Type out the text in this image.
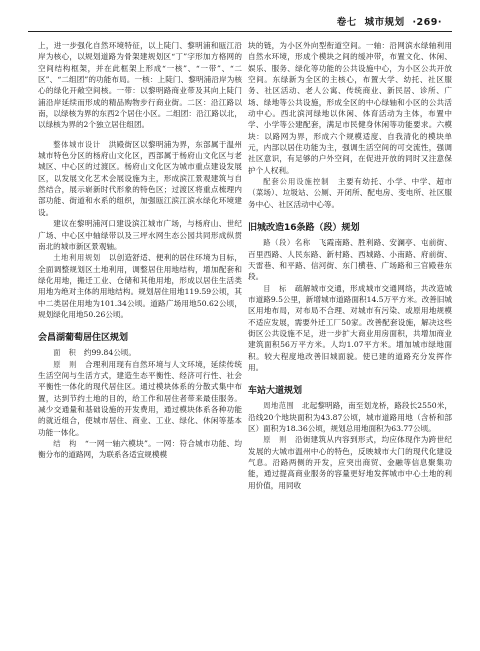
卷七 城市规划 ·269·

上，进一步强化自然环境特征，以上陡门、黎明浦和瓯江沿岸为核心，以规划道路为骨架建规划区“丁”字形加方格网的空间结构框架，并在此框架上形成“一核”、“一带”、“二区”、“二组团”的功能布局。一核：上陡门、黎明浦沿岸为核心的绿化开敞空间核。一带：以黎明路商业带及其向上陡门浦沿岸延续而形成的精品购物步行商业街。二区：沿江路以南，以绿核为界的东西2个居住小区。二组团：沿江路以北，以绿核为界的2个独立居住组团。

整体城市设计　 洪殿街区以黎明浦为界，东部属于温州城市特色分区的杨府山文化区，西部属于杨府山文化区与老城区、中心区的过渡区。杨府山文化区为城市重点建设发展区，以发展文化艺术会展设施为主，形成滨江景观建筑与自然结合，展示崭新时代形象的特色区；过渡区将重点梳理内部功能、街道和水系的组织，加强瓯江滨江滨水绿化环境建设。

建议在黎明浦河口建设滨江城市广场，与杨府山、世纪广场、中心区中轴绿带以及三坪水网生态公园共同形成纵贯南北的城市新区景观轴。

土地利用规划　 以创造舒适、便利的居住环境为目标，全面调整规划区土地利用，调整居住用地结构，增加配套和绿化用地，搬迁工业、仓储和其他用地，形成以居住生活类用地为绝对主体的用地结构。规划居住用地119.59公顷，其中二类居住用地为101.34公顷。道路广场用地50.62公顷，规划绿化用地50.26公顷。

会昌湖葡萄居住区规划

面　积　 约99.84公顷。

原　则　 合理利用现有自然环境与人文环境，延续传统生活空间与生活方式，建造生态平衡性、经济可行性、社会平衡性一体化的现代居住区。通过模块体系的分散式集中布置，达到节约土地的目的，给工作和居住者带来最佳服务。减少交通量和基础设施的开发费用，通过模块体系各种功能的就近组合，使城市居住、商业、工业、绿化、休闲等基本功能一体化。

结　构　 “一网一轴六模块”。一网：符合城市功能、均衡分布的道路网，为联系各适宜规模模

块的链，为小区外向型衔道空间。一轴：沿网滨水绿轴利用自然水环境，形成个模块之间的缓冲带，布置文化、休闲、娱乐、服务、绿化等功能的公共设施中心，为小区公共开放空间。东绿新为全区的主核心，布置大学、幼托、社区服务、社区活动、老人公寓、传统商业、新民居、诊所、广场、绿地等公共设施，形成全区的中心绿轴和小区的公共活动中心。西北滨河绿地以休闲、体育活动为主体，布置中学、小学等公建配套，满足市民健身休闲等功能要求。六模块：以路网为界，形成六个规模适度、自我清化的模块单元，内部以居住功能为主，强调生活空间的可交流性，强调社区意识，有足够的户外空间，在促进开放的同时又注意保护个人权利。

配套公用设施控制　 主要有幼托、小学、中学、超市（菜场）、垃圾站、公厕、开闭所、配电房、变电所、社区服务中心、社区活动中心等。

旧城改造16条路（段）规划

路（段）名称　 飞霞南路、胜利路、安澜亭、屯前街、百里西路、人民东路、新村路、西城路、小南路、府前街、天雷巷、和平路、信河街、东门横巷、广场路和三官殿巷东段。

目　标　 疏解城市交通，形成城市交通网络，共改造城市道路9.5公里，新增城市道路面积14.5万平方米。改善旧城区用地布局，对布局不合理、对城市有污染、或原用地规模不适应发展，需要外迁工厂50家。改善配套设施，解决这些街区公共设施不足，进一步扩大商业用房面积，共增加商业建筑面积56万平方米。人均1.07平方米。增加城市绿地面积。较大程度地改善旧城面貌。使已建的道路充分发挥作用。

车站大道规划

周地范围　 北起黎明路，南至划龙桥，路段长2550米，沿线20个地块面积为43.87公顷，城市道路用地（含桥和部区）面积为18.36公顷，规划总用地面积为63.77公顷。

原　则　 沿街建筑从内容到形式，均应体现作为跨世纪发展的大城市温州中心的特色，反映城市大门的现代化建设气息。沿路两侧的开发，应突出商贸、金融等信息聚集功能，通过提高商业服务的容量更好地发挥城市中心土地的利用价值，用同收
